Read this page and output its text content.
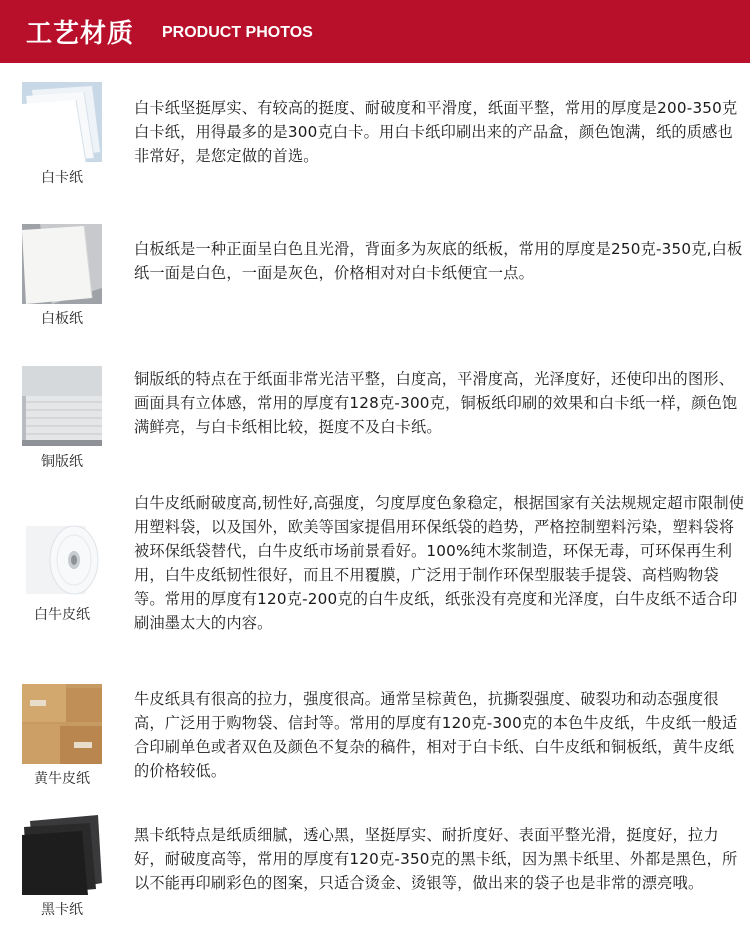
工艺材质 PRODUCT PHOTOS
白卡纸
白卡纸坚挺厚实、有较高的挺度、耐破度和平滑度，纸面平整，常用的厚度是200-350克白卡纸，用得最多的是300克白卡。用白卡纸印刷出来的产品盒，颜色饱满，纸的质感也非常好，是您定做的首选。
白板纸
白板纸是一种正面呈白色且光滑，背面多为灰底的纸板，常用的厚度是250克-350克,白板纸一面是白色，一面是灰色，价格相对对白卡纸便宜一点。
铜版纸
铜版纸的特点在于纸面非常光洁平整，白度高，平滑度高，光泽度好，还使印出的图形、画面具有立体感，常用的厚度有128克-300克，铜板纸印刷的效果和白卡纸一样，颜色饱满鲜亮，与白卡纸相比较，挺度不及白卡纸。
白牛皮纸
白牛皮纸耐破度高,韧性好,高强度，匀度厚度色象稳定，根据国家有关法规规定超市限制使用塑料袋，以及国外，欧美等国家提倡用环保纸袋的趋势，严格控制塑料污染，塑料袋将被环保纸袋替代，白牛皮纸市场前景看好。100%纯木浆制造，环保无毒，可环保再生利用，白牛皮纸韧性很好，而且不用覆膜，广泛用于制作环保型服装手提袋、高档购物袋等。常用的厚度有120克-200克的白牛皮纸，纸张没有亮度和光泽度，白牛皮纸不适合印刷油墨太大的内容。
黄牛皮纸
牛皮纸具有很高的拉力，强度很高。通常呈棕黄色，抗撕裂强度、破裂功和动态强度很高，广泛用于购物袋、信封等。常用的厚度有120克-300克的本色牛皮纸，牛皮纸一般适合印刷单色或者双色及颜色不复杂的稿件，相对于白卡纸、白牛皮纸和铜板纸，黄牛皮纸的价格较低。
黑卡纸
黑卡纸特点是纸质细腻，透心黑，坚挺厚实、耐折度好、表面平整光滑，挺度好，拉力好，耐破度高等，常用的厚度有120克-350克的黑卡纸，因为黑卡纸里、外都是黑色，所以不能再印刷彩色的图案，只适合烫金、烫银等，做出来的袋子也是非常的漂亮哦。
